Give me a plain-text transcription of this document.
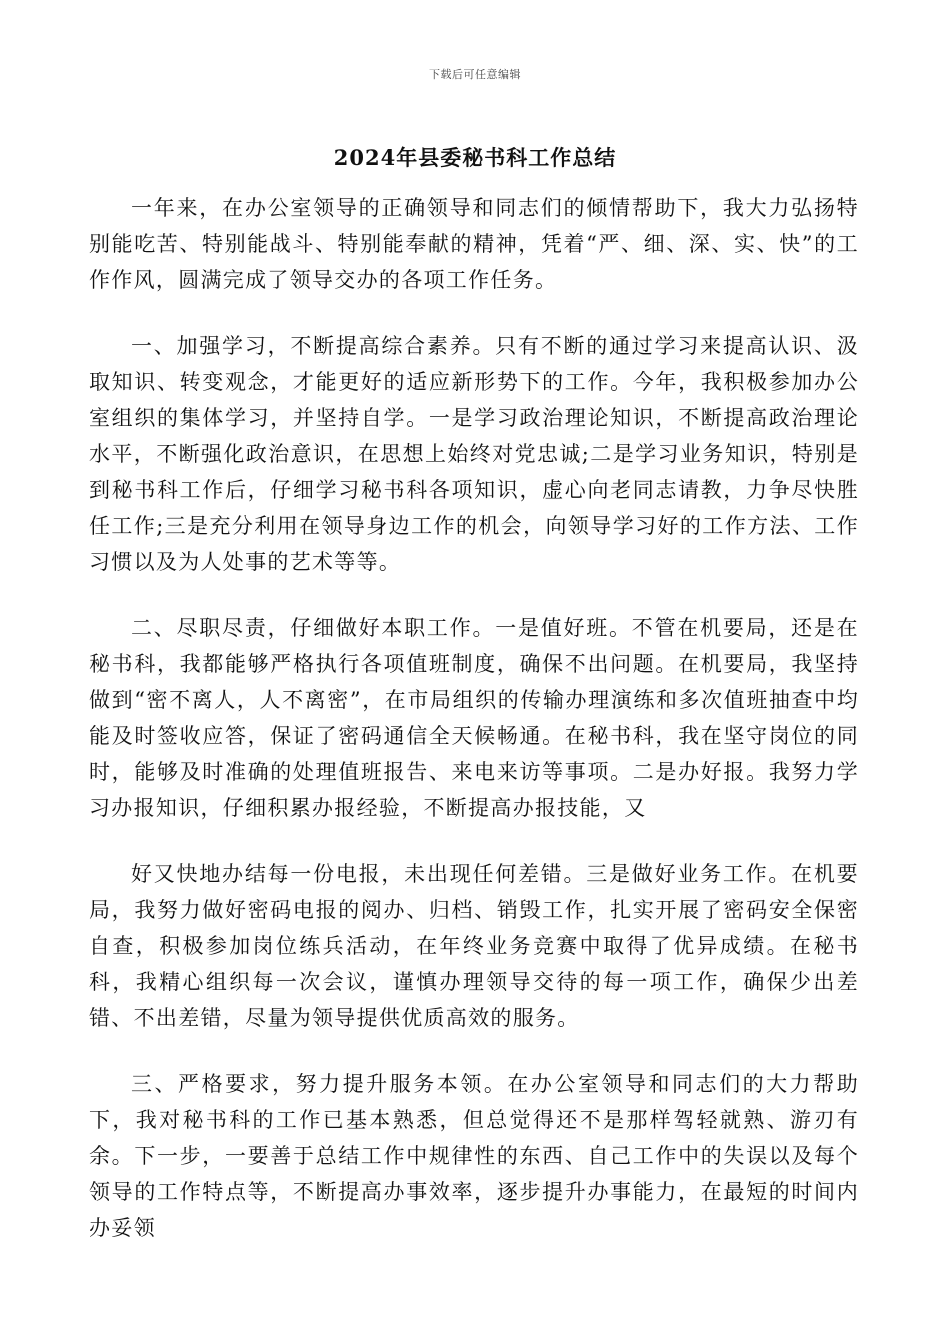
下载后可任意编辑
2024年县委秘书科工作总结

一年来，在办公室领导的正确领导和同志们的倾情帮助下，我大力弘扬特别能吃苦、特别能战斗、特别能奉献的精神，凭着“严、细、深、实、快”的工作作风，圆满完成了领导交办的各项工作任务。

一、加强学习，不断提高综合素养。只有不断的通过学习来提高认识、汲取知识、转变观念，才能更好的适应新形势下的工作。今年，我积极参加办公室组织的集体学习，并坚持自学。一是学习政治理论知识，不断提高政治理论水平，不断强化政治意识，在思想上始终对党忠诚;二是学习业务知识，特别是到秘书科工作后，仔细学习秘书科各项知识，虚心向老同志请教，力争尽快胜任工作;三是充分利用在领导身边工作的机会，向领导学习好的工作方法、工作习惯以及为人处事的艺术等等。

二、尽职尽责，仔细做好本职工作。一是值好班。不管在机要局，还是在秘书科，我都能够严格执行各项值班制度，确保不出问题。在机要局，我坚持做到“密不离人，人不离密”，在市局组织的传输办理演练和多次值班抽查中均能及时签收应答，保证了密码通信全天候畅通。在秘书科，我在坚守岗位的同时，能够及时准确的处理值班报告、来电来访等事项。二是办好报。我努力学习办报知识，仔细积累办报经验，不断提高办报技能，又

好又快地办结每一份电报，未出现任何差错。三是做好业务工作。在机要局，我努力做好密码电报的阅办、归档、销毁工作，扎实开展了密码安全保密自查，积极参加岗位练兵活动，在年终业务竞赛中取得了优异成绩。在秘书科，我精心组织每一次会议，谨慎办理领导交待的每一项工作，确保少出差错、不出差错，尽量为领导提供优质高效的服务。

三、严格要求，努力提升服务本领。在办公室领导和同志们的大力帮助下，我对秘书科的工作已基本熟悉，但总觉得还不是那样驾轻就熟、游刃有余。下一步，一要善于总结工作中规律性的东西、自己工作中的失误以及每个领导的工作特点等，不断提高办事效率，逐步提升办事能力，在最短的时间内办妥领
